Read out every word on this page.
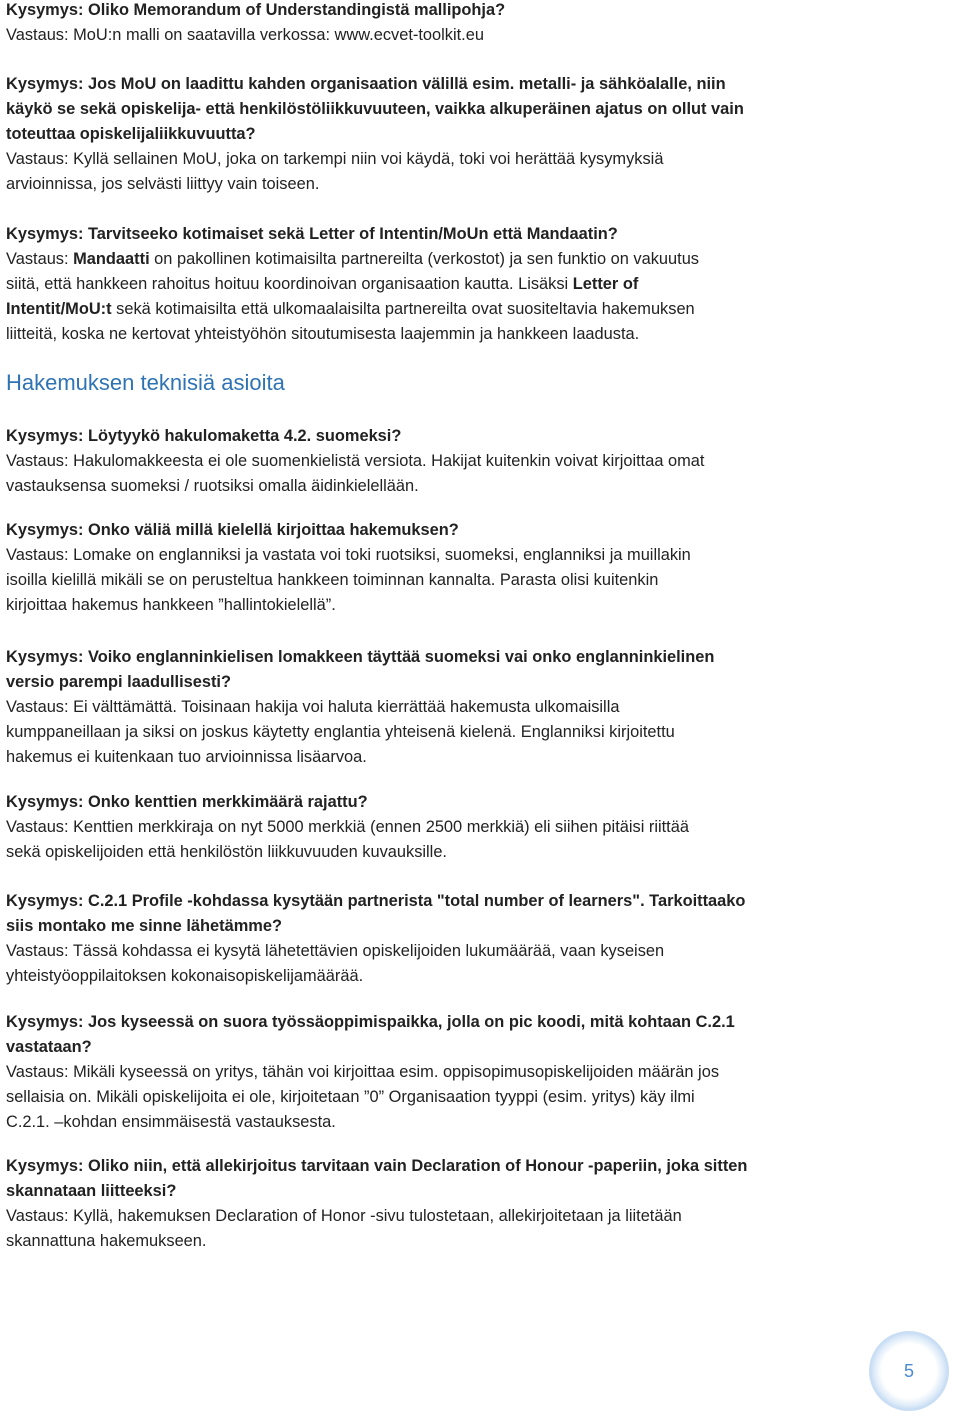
Kysymys: Oliko Memorandum of Understandingistä mallipohja?
Vastaus: MoU:n malli on saatavilla verkossa: www.ecvet-toolkit.eu
Kysymys: Jos MoU on laadittu kahden organisaation välillä esim. metalli- ja sähköalalle, niin
käykö se sekä opiskelija- että henkilöstöliikkuvuuteen, vaikka alkuperäinen ajatus on ollut vain
toteuttaa opiskelijaliikkuvuutta?
Vastaus: Kyllä sellainen MoU, joka on tarkempi niin voi käydä, toki voi herättää kysymyksiä
arvioinnissa, jos selvästi liittyy vain toiseen.
Kysymys: Tarvitseeko kotimaiset sekä Letter of Intentin/MoUn että Mandaatin?
Vastaus: Mandaatti on pakollinen kotimaisilta partnereilta (verkostot) ja sen funktio on vakuutus
siitä, että hankkeen rahoitus hoituu koordinoivan organisaation kautta. Lisäksi Letter of
Intentit/MoU:t sekä kotimaisilta että ulkomaalaisilta partnereilta ovat suositeltavia hakemuksen
liitteitä, koska ne kertovat yhteistyöhön sitoutumisesta laajemmin ja hankkeen laadusta.
Hakemuksen teknisiä asioita
Kysymys: Löytyykö hakulomaketta 4.2. suomeksi?
Vastaus: Hakulomakkeesta ei ole suomenkielistä versiota. Hakijat kuitenkin voivat kirjoittaa omat
vastauksensa suomeksi / ruotsiksi omalla äidinkielellään.
Kysymys: Onko väliä millä kielellä kirjoittaa hakemuksen?
Vastaus: Lomake on englanniksi ja vastata voi toki ruotsiksi, suomeksi, englanniksi ja muillakin
isoilla kielillä mikäli se on perusteltua hankkeen toiminnan kannalta. Parasta olisi kuitenkin
kirjoittaa hakemus hankkeen ”hallintokielellä”.
Kysymys: Voiko englanninkielisen lomakkeen täyttää suomeksi vai onko englanninkielinen
versio parempi laadullisesti?
Vastaus: Ei välttämättä. Toisinaan hakija voi haluta kierrättää hakemusta ulkomaisilla
kumppaneillaan ja siksi on joskus käytetty englantia yhteisenä kielenä. Englanniksi kirjoitettu
hakemus ei kuitenkaan tuo arvioinnissa lisäarvoa.
Kysymys: Onko kenttien merkkimäärä rajattu?
Vastaus: Kenttien merkkiraja on nyt 5000 merkkiä (ennen 2500 merkkiä) eli siihen pitäisi riittää
sekä opiskelijoiden että henkilöstön liikkuvuuden kuvauksille.
Kysymys: C.2.1 Profile -kohdassa kysytään partnerista "total number of learners". Tarkoittaako
siis montako me sinne lähetämme?
Vastaus: Tässä kohdassa ei kysytä lähetettävien opiskelijoiden lukumäärää, vaan kyseisen
yhteistyöoppilaitoksen kokonaisopiskelijamäärää.
Kysymys: Jos kyseessä on suora työssäoppimispaikka, jolla on pic koodi, mitä kohtaan C.2.1
vastataan?
Vastaus: Mikäli kyseessä on yritys, tähän voi kirjoittaa esim. oppisopimusopiskelijoiden määrän jos
sellaisia on. Mikäli opiskelijoita ei ole, kirjoitetaan ”0” Organisaation tyyppi (esim. yritys) käy ilmi
C.2.1. –kohdan ensimmäisestä vastauksesta.
Kysymys: Oliko niin, että allekirjoitus tarvitaan vain Declaration of Honour -paperiin, joka sitten
skannataan liitteeksi?
Vastaus: Kyllä, hakemuksen Declaration of Honor -sivu tulostetaan, allekirjoitetaan ja liitetään
skannattuna hakemukseen.
5
